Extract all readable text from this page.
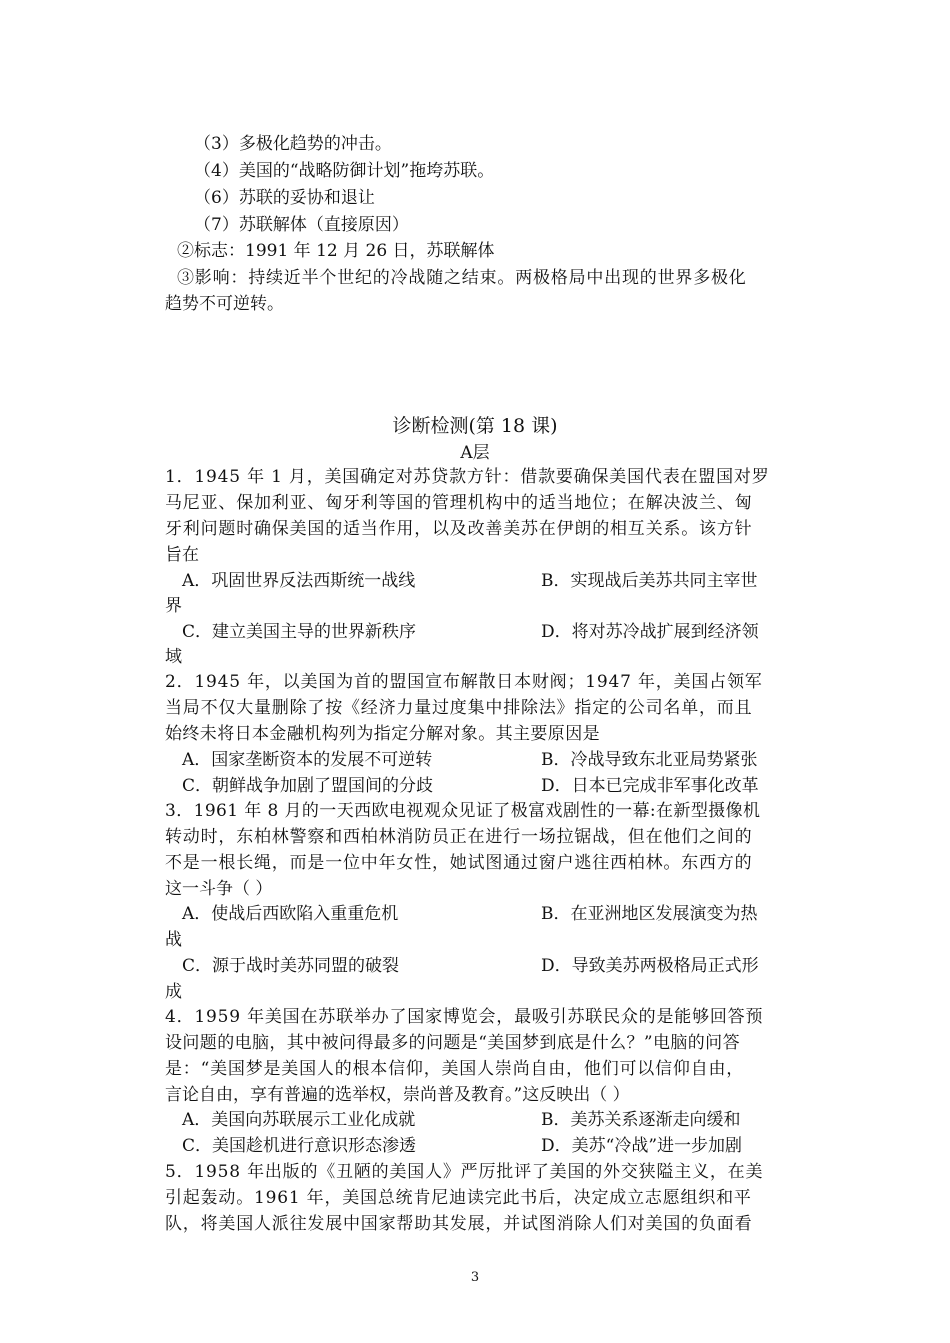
（3）多极化趋势的冲击。
（4）美国的“战略防御计划”拖垮苏联。
（6）苏联的妥协和退让
（7）苏联解体（直接原因）
②标志：1991 年 12 月 26 日，苏联解体
③影响：持续近半个世纪的冷战随之结束。两极格局中出现的世界多极化
趋势不可逆转。
诊断检测(第 18 课)
A层
1．1945 年 1 月，美国确定对苏贷款方针：借款要确保美国代表在盟国对罗
马尼亚、保加利亚、匈牙利等国的管理机构中的适当地位；在解决波兰、匈
牙利问题时确保美国的适当作用，以及改善美苏在伊朗的相互关系。该方针
旨在
A．巩固世界反法西斯统一战线	B．实现战后美苏共同主宰世
界
C．建立美国主导的世界新秩序	D．将对苏冷战扩展到经济领
域
2．1945 年，以美国为首的盟国宣布解散日本财阀；1947 年，美国占领军
当局不仅大量删除了按《经济力量过度集中排除法》指定的公司名单，而且
始终未将日本金融机构列为指定分解对象。其主要原因是
A．国家垄断资本的发展不可逆转	B．冷战导致东北亚局势紧张
C．朝鲜战争加剧了盟国间的分歧	D．日本已完成非军事化改革
3．1961 年 8 月的一天西欧电视观众见证了极富戏剧性的一幕:在新型摄像机
转动时，东柏林警察和西柏林消防员正在进行一场拉锯战，但在他们之间的
不是一根长绳，而是一位中年女性，她试图通过窗户逃往西柏林。东西方的
这一斗争（ ）
A．使战后西欧陷入重重危机	B．在亚洲地区发展演变为热
战
C．源于战时美苏同盟的破裂	D．导致美苏两极格局正式形
成
4．1959 年美国在苏联举办了国家博览会，最吸引苏联民众的是能够回答预
设问题的电脑，其中被问得最多的问题是“美国梦到底是什么？”电脑的问答
是：“美国梦是美国人的根本信仰，美国人崇尚自由，他们可以信仰自由，
言论自由，享有普遍的选举权，崇尚普及教育。”这反映出（ ）
A．美国向苏联展示工业化成就	B．美苏关系逐渐走向缓和
C．美国趁机进行意识形态渗透	D．美苏“冷战”进一步加剧
5．1958 年出版的《丑陋的美国人》严厉批评了美国的外交狭隘主义，在美
引起轰动。1961 年，美国总统肯尼迪读完此书后，决定成立志愿组织和平
队，将美国人派往发展中国家帮助其发展，并试图消除人们对美国的负面看
3
